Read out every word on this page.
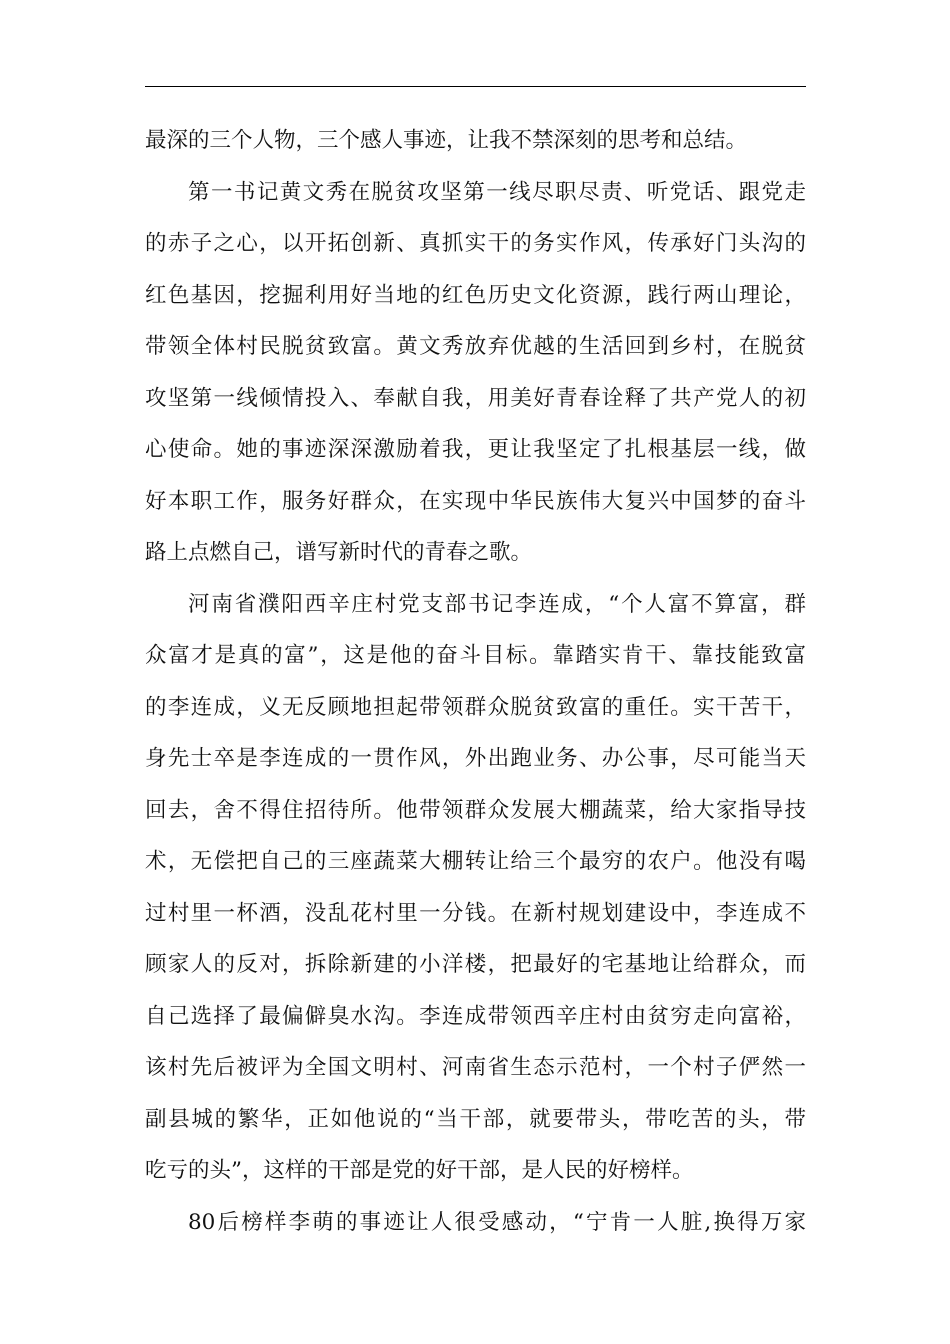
最深的三个人物，三个感人事迹，让我不禁深刻的思考和总结。
第一书记黄文秀在脱贫攻坚第一线尽职尽责、听党话、跟党走
的赤子之心，以开拓创新、真抓实干的务实作风，传承好门头沟的
红色基因，挖掘利用好当地的红色历史文化资源，践行两山理论，
带领全体村民脱贫致富。黄文秀放弃优越的生活回到乡村，在脱贫
攻坚第一线倾情投入、奉献自我，用美好青春诠释了共产党人的初
心使命。她的事迹深深激励着我，更让我坚定了扎根基层一线，做
好本职工作，服务好群众，在实现中华民族伟大复兴中国梦的奋斗
路上点燃自己，谱写新时代的青春之歌。
河南省濮阳西辛庄村党支部书记李连成，“个人富不算富，群
众富才是真的富”，这是他的奋斗目标。靠踏实肯干、靠技能致富
的李连成，义无反顾地担起带领群众脱贫致富的重任。实干苦干，
身先士卒是李连成的一贯作风，外出跑业务、办公事，尽可能当天
回去，舍不得住招待所。他带领群众发展大棚蔬菜，给大家指导技
术，无偿把自己的三座蔬菜大棚转让给三个最穷的农户。他没有喝
过村里一杯酒，没乱花村里一分钱。在新村规划建设中，李连成不
顾家人的反对，拆除新建的小洋楼，把最好的宅基地让给群众，而
自己选择了最偏僻臭水沟。李连成带领西辛庄村由贫穷走向富裕，
该村先后被评为全国文明村、河南省生态示范村，一个村子俨然一
副县城的繁华，正如他说的“当干部，就要带头，带吃苦的头，带
吃亏的头”，这样的干部是党的好干部，是人民的好榜样。
80后榜样李萌的事迹让人很受感动，“宁肯一人脏,换得万家
